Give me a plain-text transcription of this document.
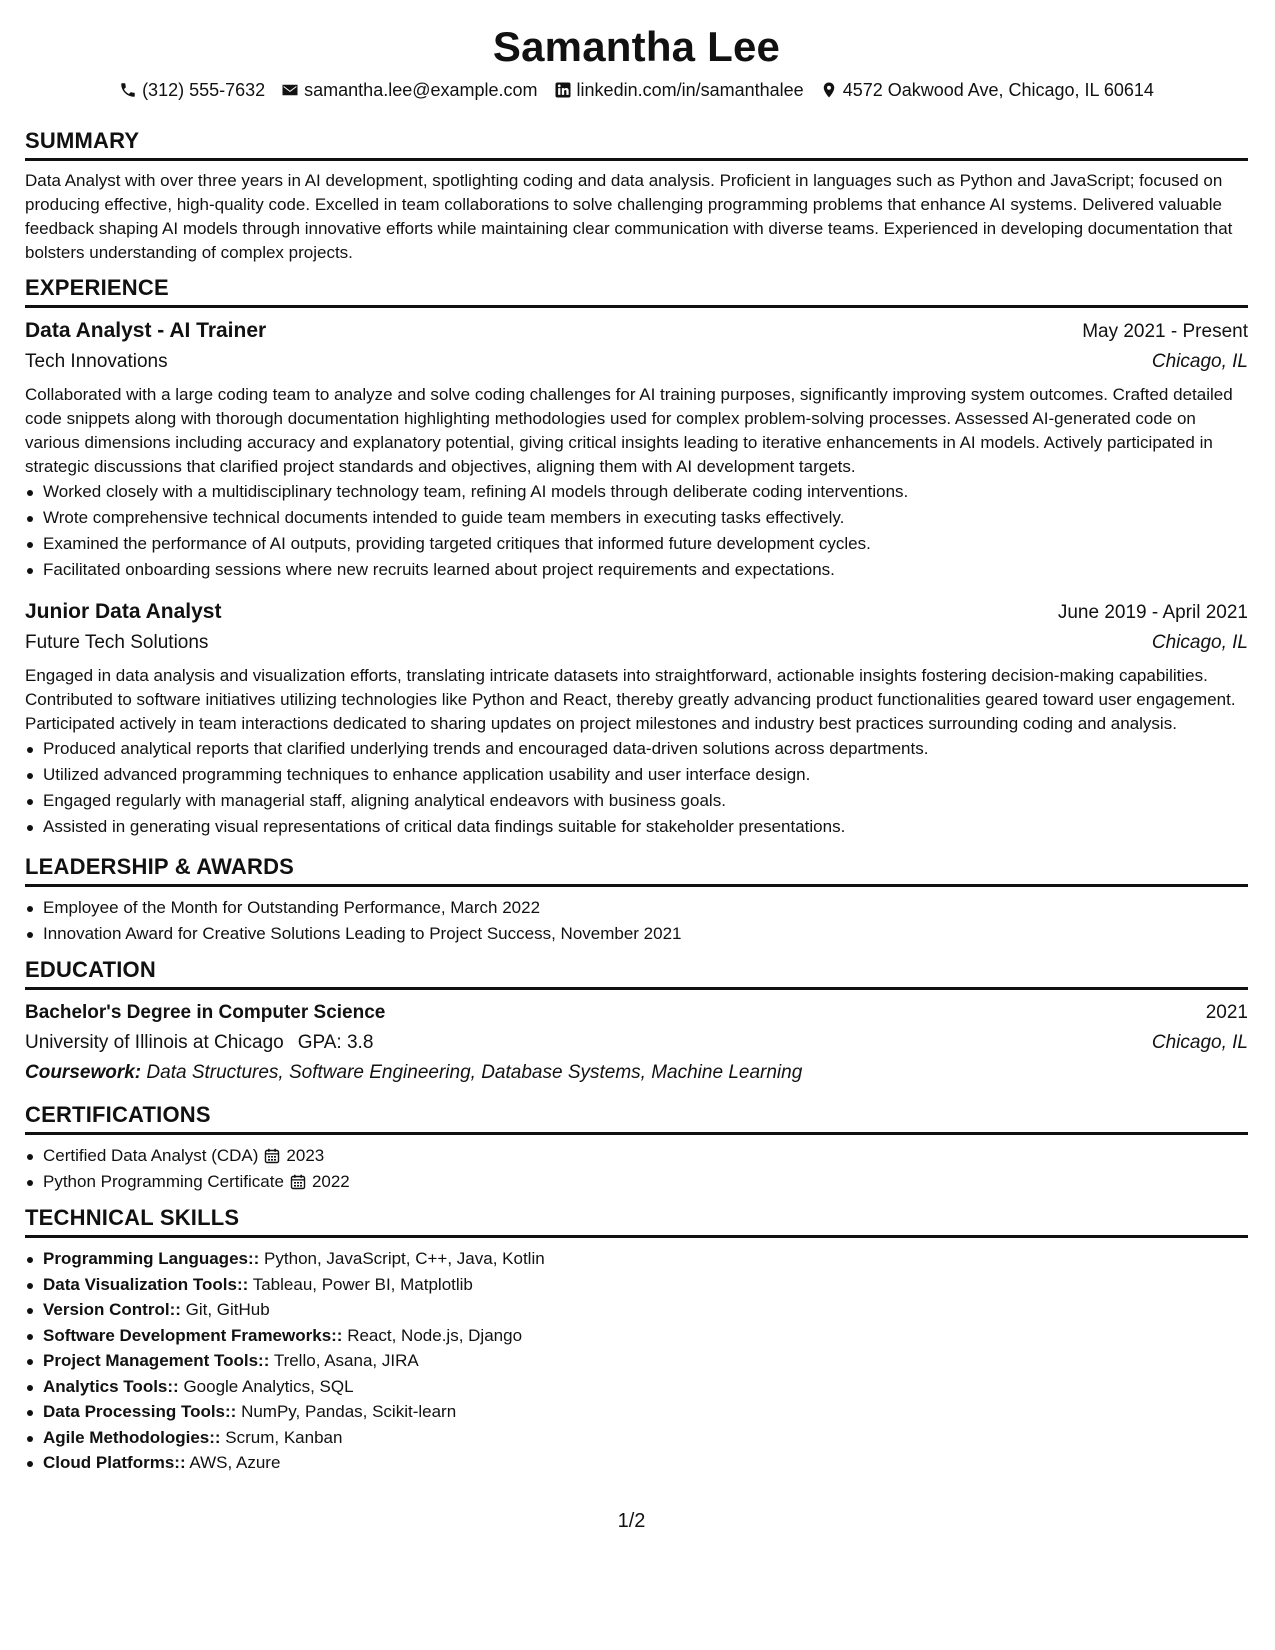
Samantha Lee
(312) 555-7632 samantha.lee@example.com linkedin.com/in/samanthalee 4572 Oakwood Ave, Chicago, IL 60614
SUMMARY

Data Analyst with over three years in AI development, spotlighting coding and data analysis. Proficient in languages such as Python and JavaScript; focused on producing effective, high-quality code. Excelled in team collaborations to solve challenging programming problems that enhance AI systems. Delivered valuable feedback shaping AI models through innovative efforts while maintaining clear communication with diverse teams. Experienced in developing documentation that bolsters understanding of complex projects.

EXPERIENCE
Data Analyst - AI Trainer	May 2021 - Present
Tech Innovations	Chicago, IL
Collaborated with a large coding team to analyze and solve coding challenges for AI training purposes, significantly improving system outcomes. Crafted detailed code snippets along with thorough documentation highlighting methodologies used for complex problem-solving processes. Assessed AI-generated code on various dimensions including accuracy and explanatory potential, giving critical insights leading to iterative enhancements in AI models. Actively participated in strategic discussions that clarified project standards and objectives, aligning them with AI development targets.
Worked closely with a multidisciplinary technology team, refining AI models through deliberate coding interventions.
Wrote comprehensive technical documents intended to guide team members in executing tasks effectively.
Examined the performance of AI outputs, providing targeted critiques that informed future development cycles.
Facilitated onboarding sessions where new recruits learned about project requirements and expectations.
Junior Data Analyst	June 2019 - April 2021
Future Tech Solutions	Chicago, IL
Engaged in data analysis and visualization efforts, translating intricate datasets into straightforward, actionable insights fostering decision-making capabilities. Contributed to software initiatives utilizing technologies like Python and React, thereby greatly advancing product functionalities geared toward user engagement. Participated actively in team interactions dedicated to sharing updates on project milestones and industry best practices surrounding coding and analysis.
Produced analytical reports that clarified underlying trends and encouraged data-driven solutions across departments.
Utilized advanced programming techniques to enhance application usability and user interface design.
Engaged regularly with managerial staff, aligning analytical endeavors with business goals.
Assisted in generating visual representations of critical data findings suitable for stakeholder presentations.
LEADERSHIP & AWARDS
Employee of the Month for Outstanding Performance, March 2022
Innovation Award for Creative Solutions Leading to Project Success, November 2021
EDUCATION
Bachelor's Degree in Computer Science	2021
University of Illinois at Chicago GPA: 3.8	Chicago, IL
Coursework: Data Structures, Software Engineering, Database Systems, Machine Learning
CERTIFICATIONS
Certified Data Analyst (CDA) 2023
Python Programming Certificate 2022
TECHNICAL SKILLS
Programming Languages:: Python, JavaScript, C++, Java, Kotlin
Data Visualization Tools:: Tableau, Power BI, Matplotlib
Version Control:: Git, GitHub
Software Development Frameworks:: React, Node.js, Django
Project Management Tools:: Trello, Asana, JIRA
Analytics Tools:: Google Analytics, SQL
Data Processing Tools:: NumPy, Pandas, Scikit-learn
Agile Methodologies:: Scrum, Kanban
Cloud Platforms:: AWS, Azure
1/2
